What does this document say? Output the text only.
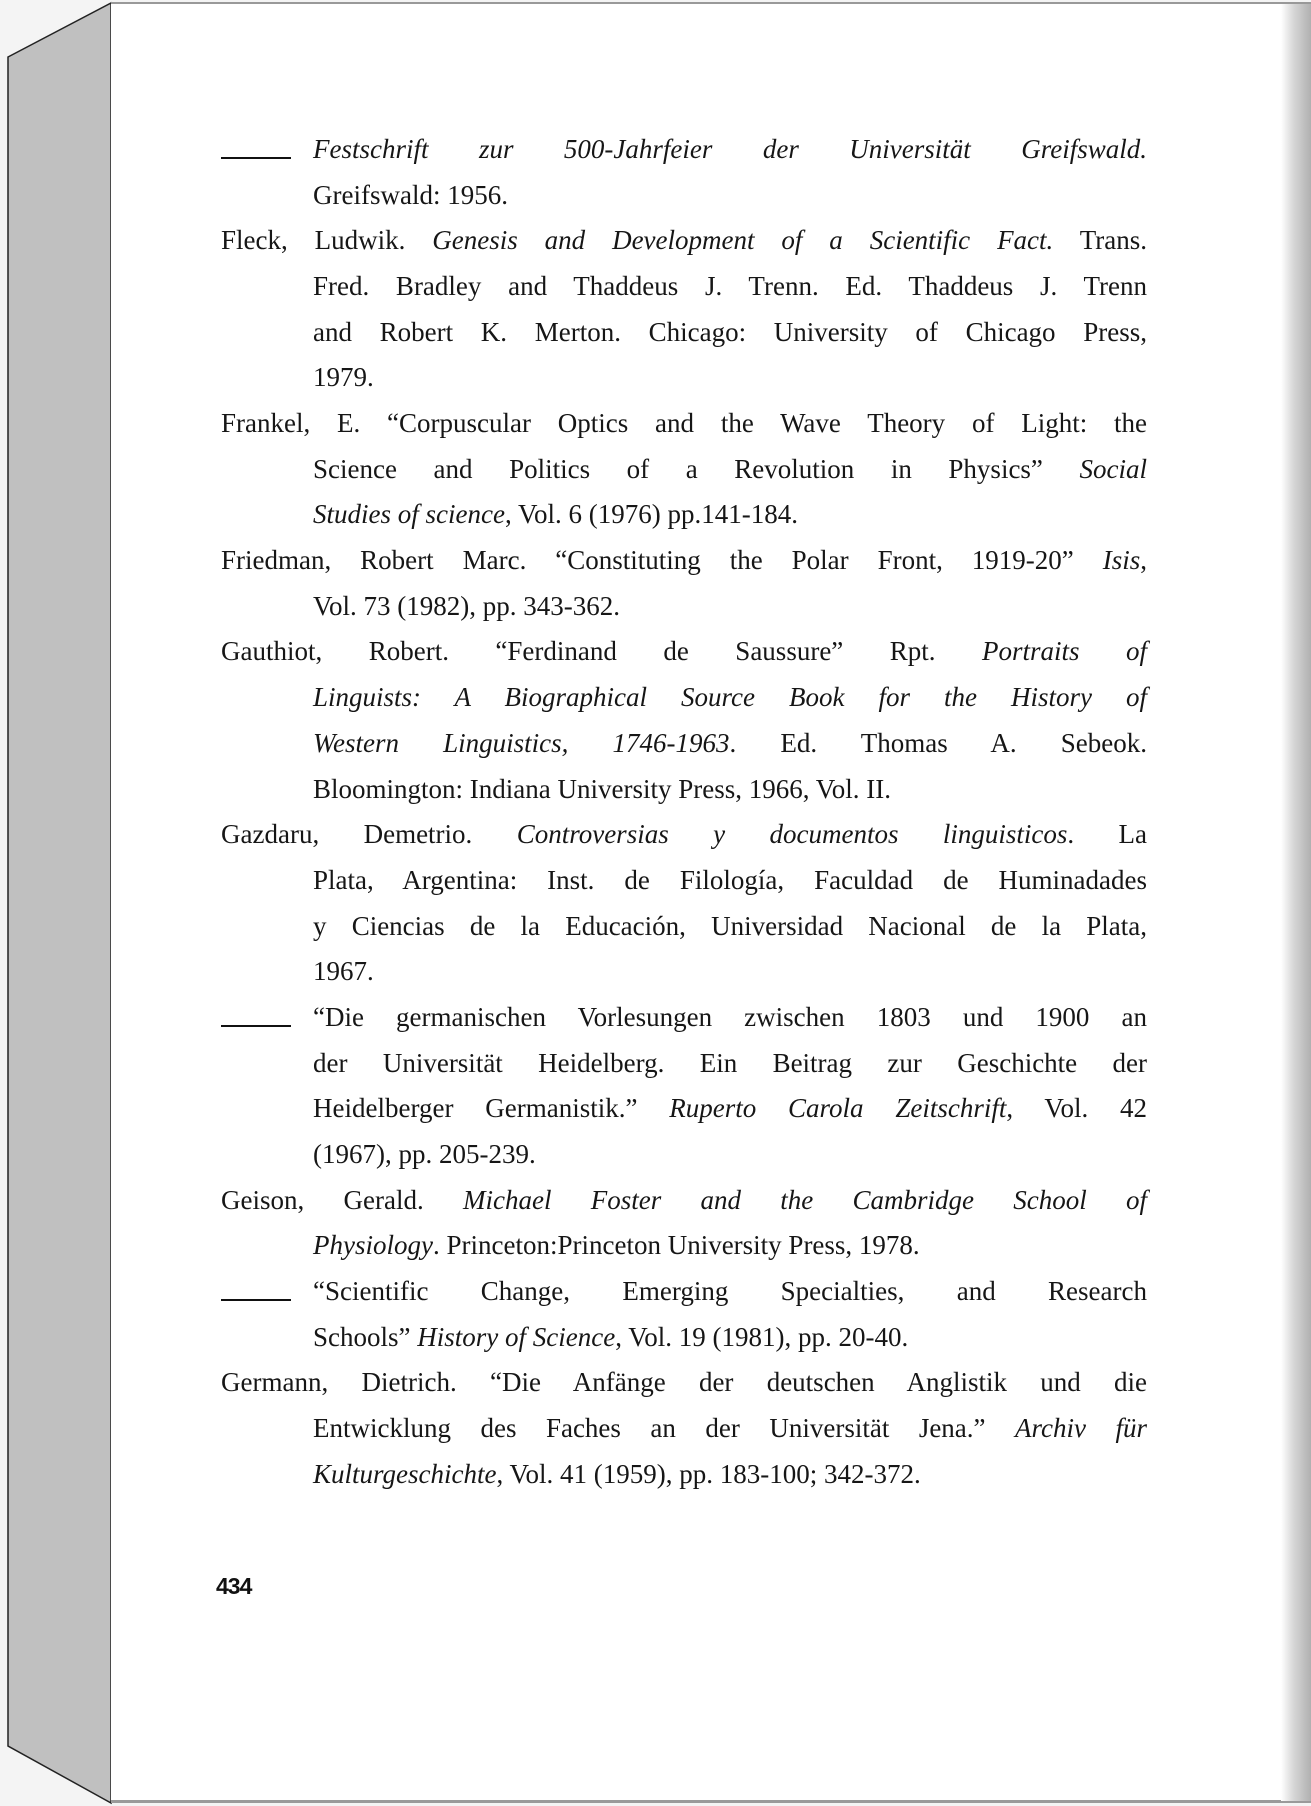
Festschrift zur 500-Jahrfeier der Universität Greifswald.
Greifswald: 1956.
Fleck, Ludwik. Genesis and Development of a Scientific Fact. Trans.
Fred. Bradley and Thaddeus J. Trenn. Ed. Thaddeus J. Trenn
and Robert K. Merton. Chicago: University of Chicago Press,
1979.
Frankel, E. “Corpuscular Optics and the Wave Theory of Light: the
Science and Politics of a Revolution in Physics” Social
Studies of science, Vol. 6 (1976) pp.141-184.
Friedman, Robert Marc. “Constituting the Polar Front, 1919-20” Isis,
Vol. 73 (1982), pp. 343-362.
Gauthiot, Robert. “Ferdinand de Saussure” Rpt. Portraits of
Linguists: A Biographical Source Book for the History of
Western Linguistics, 1746-1963. Ed. Thomas A. Sebeok.
Bloomington: Indiana University Press, 1966, Vol. II.
Gazdaru, Demetrio. Controversias y documentos linguisticos. La
Plata, Argentina: Inst. de Filología, Faculdad de Huminadades
y Ciencias de la Educación, Universidad Nacional de la Plata,
1967.
“Die germanischen Vorlesungen zwischen 1803 und 1900 an
der Universität Heidelberg. Ein Beitrag zur Geschichte der
Heidelberger Germanistik.” Ruperto Carola Zeitschrift, Vol. 42
(1967), pp. 205-239.
Geison, Gerald. Michael Foster and the Cambridge School of
Physiology. Princeton:Princeton University Press, 1978.
“Scientific Change, Emerging Specialties, and Research
Schools” History of Science, Vol. 19 (1981), pp. 20-40.
Germann, Dietrich. “Die Anfänge der deutschen Anglistik und die
Entwicklung des Faches an der Universität Jena.” Archiv für
Kulturgeschichte, Vol. 41 (1959), pp. 183-100; 342-372.
434
